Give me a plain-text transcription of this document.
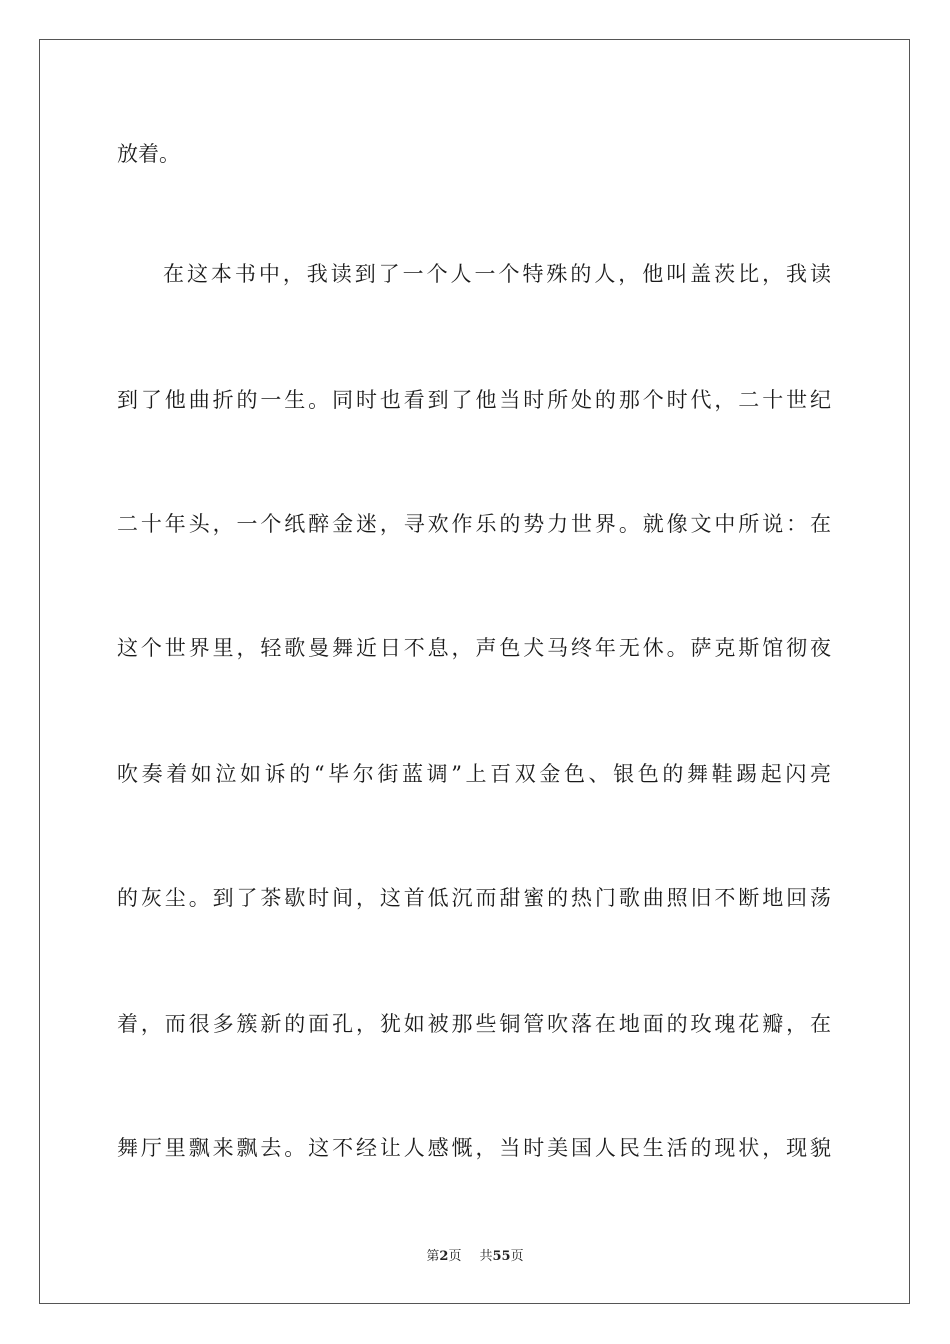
放着。
在这本书中，我读到了一个人一个特殊的人，他叫盖茨比，我读
到了他曲折的一生。同时也看到了他当时所处的那个时代，二十世纪
二十年头，一个纸醉金迷，寻欢作乐的势力世界。就像文中所说：在
这个世界里，轻歌曼舞近日不息，声色犬马终年无休。萨克斯馆彻夜
吹奏着如泣如诉的“毕尔街蓝调”上百双金色、银色的舞鞋踢起闪亮
的灰尘。到了茶歇时间，这首低沉而甜蜜的热门歌曲照旧不断地回荡
着，而很多簇新的面孔，犹如被那些铜管吹落在地面的玫瑰花瓣，在
舞厅里飘来飘去。这不经让人感慨，当时美国人民生活的现状，现貌
第2页 共55页
